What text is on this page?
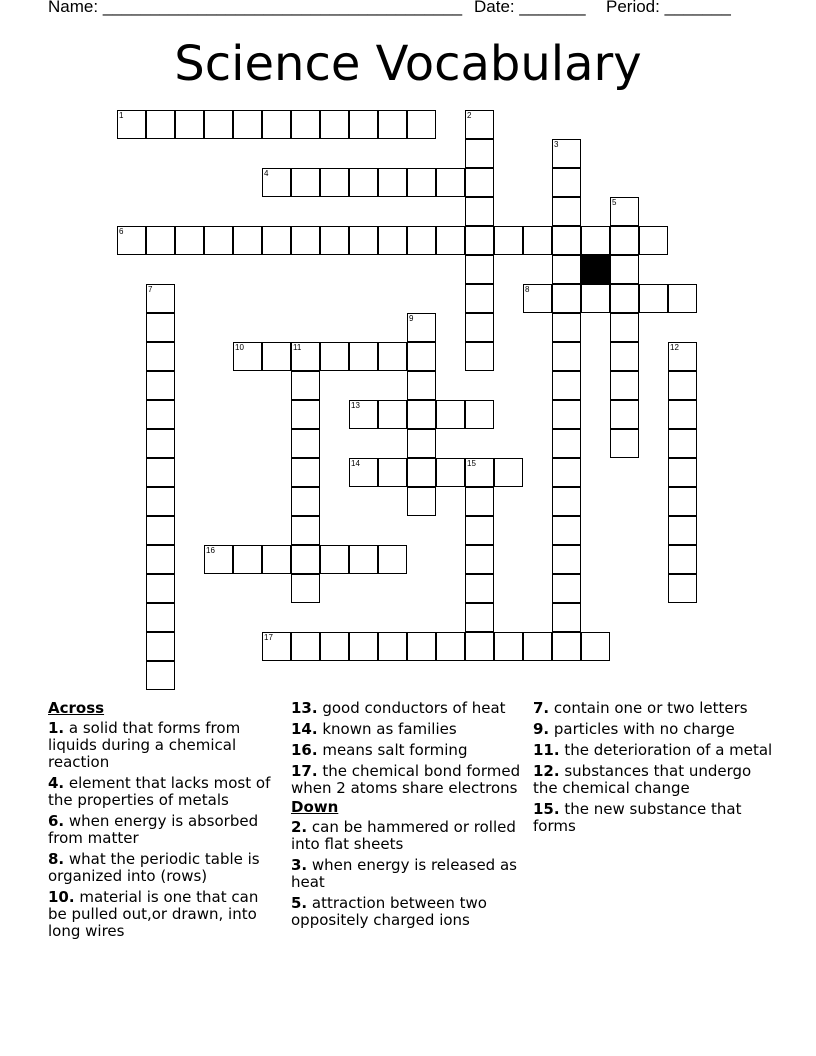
Name: ______________________________________ Date: _______ Period: _______
Science Vocabulary
1	2
3
4
5
6
7	8
9
10	11	12
13
14	15
16
17
Across
1. a solid that forms from liquids during a chemical reaction
4. element that lacks most of the properties of metals
6. when energy is absorbed from matter
8. what the periodic table is organized into (rows)
10. material is one that can be pulled out,or drawn, into long wires
13. good conductors of heat
14. known as families
16. means salt forming
17. the chemical bond formed when 2 atoms share electrons
Down
2. can be hammered or rolled into flat sheets
3. when energy is released as heat
5. attraction between two oppositely charged ions
7. contain one or two letters
9. particles with no charge
11. the deterioration of a metal
12. substances that undergo the chemical change
15. the new substance that forms
